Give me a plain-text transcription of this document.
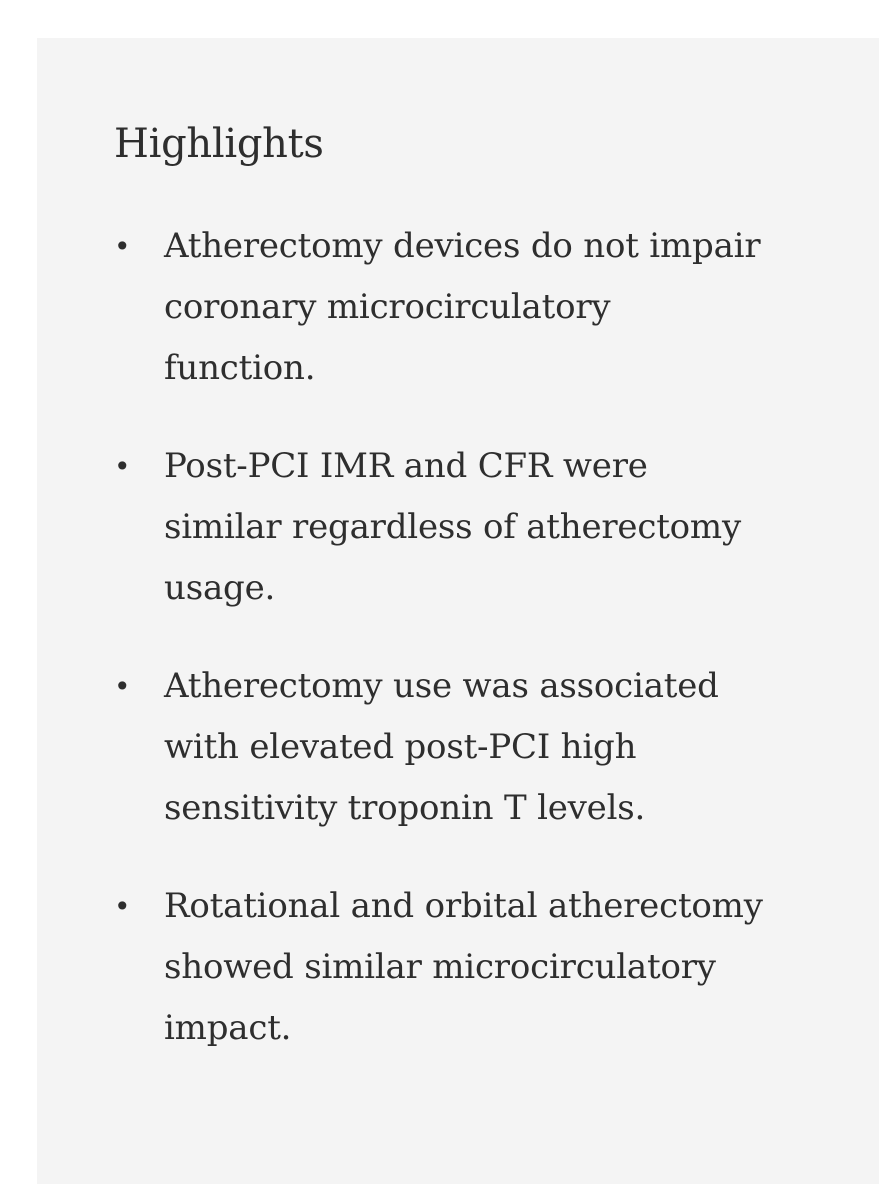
Highlights
• Atherectomy devices do not impair coronary microcirculatory function.
• Post-PCI IMR and CFR were similar regardless of atherectomy usage.
• Atherectomy use was associated with elevated post-PCI high sensitivity troponin T levels.
• Rotational and orbital atherectomy showed similar microcirculatory impact.
